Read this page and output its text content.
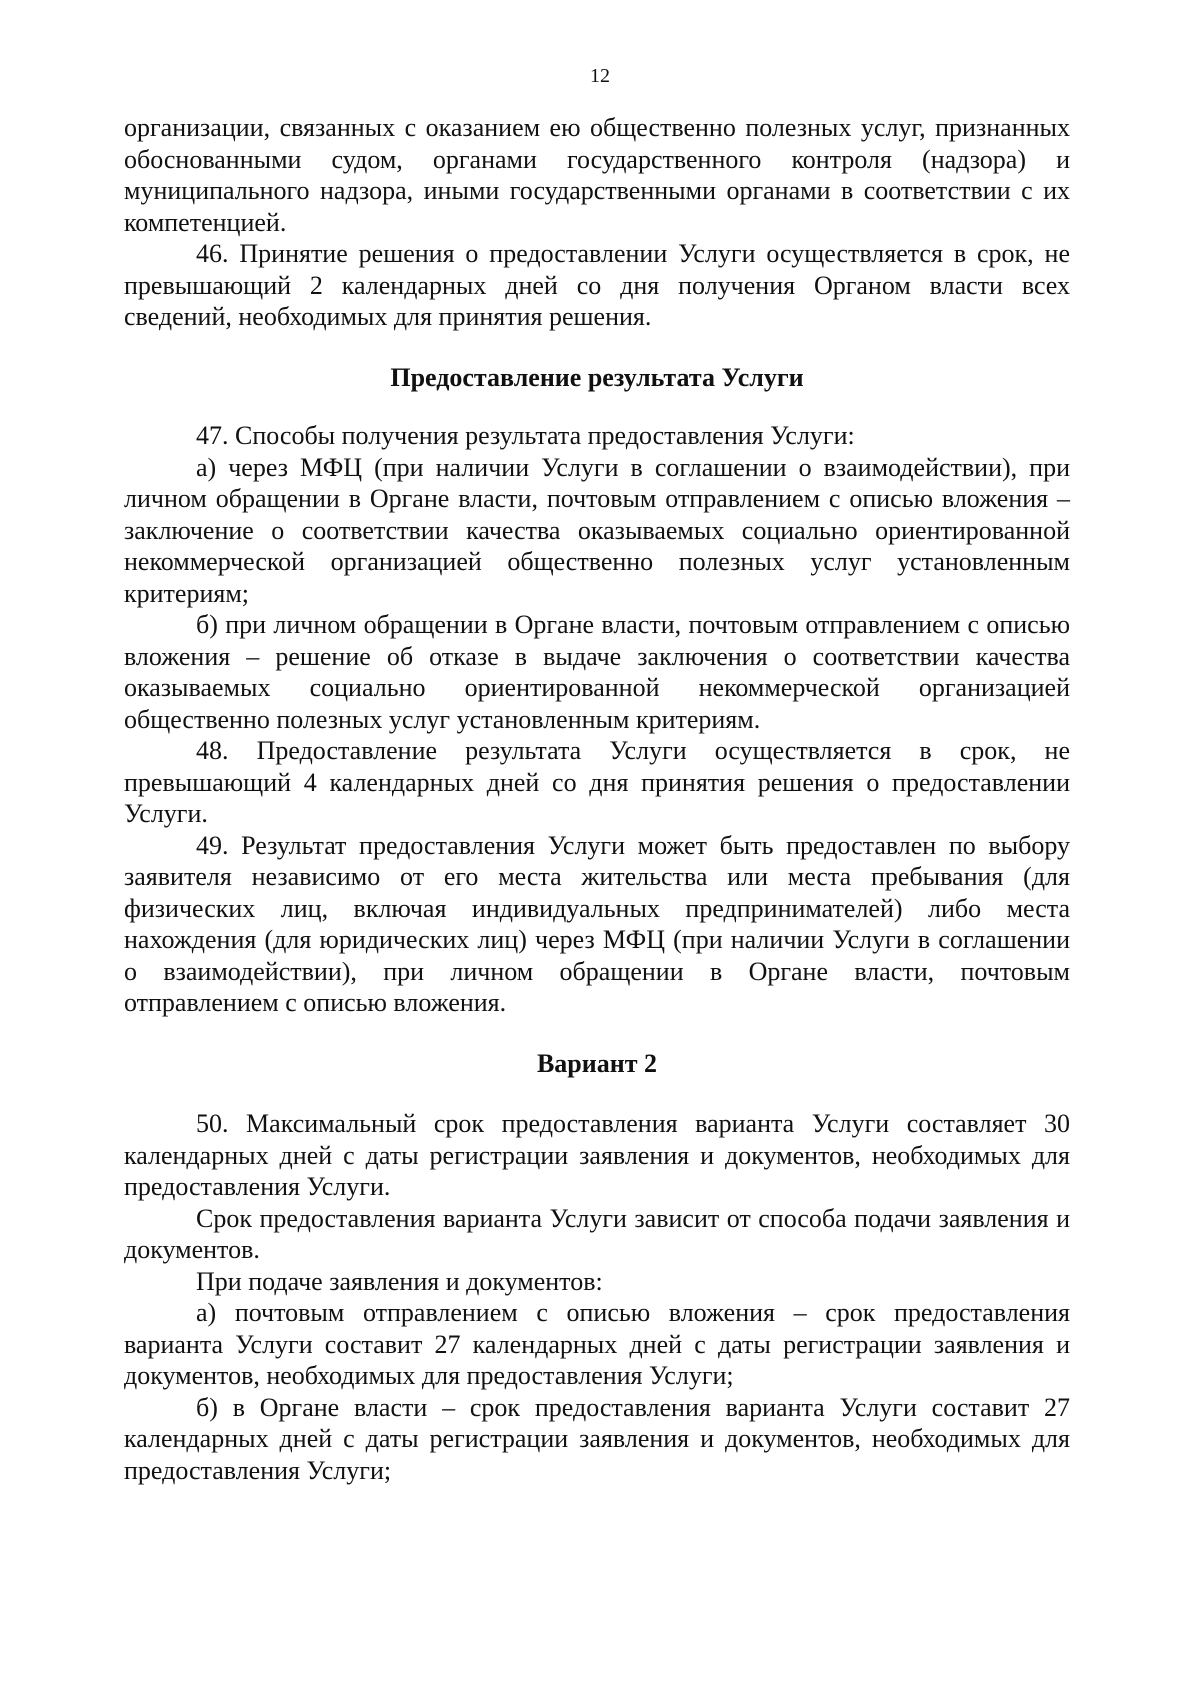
12

организации, связанных с оказанием ею общественно полезных услуг, признанных обоснованными судом, органами государственного контроля (надзора) и муниципального надзора, иными государственными органами в соответствии с их компетенцией.

46. Принятие решения о предоставлении Услуги осуществляется в срок, не превышающий 2 календарных дней со дня получения Органом власти всех сведений, необходимых для принятия решения.

Предоставление результата Услуги

47. Способы получения результата предоставления Услуги:

а) через МФЦ (при наличии Услуги в соглашении о взаимодействии), при личном обращении в Органе власти, почтовым отправлением с описью вложения – заключение о соответствии качества оказываемых социально ориентированной некоммерческой организацией общественно полезных услуг установленным критериям;

б) при личном обращении в Органе власти, почтовым отправлением с описью вложения – решение об отказе в выдаче заключения о соответствии качества оказываемых социально ориентированной некоммерческой организацией общественно полезных услуг установленным критериям.

48. Предоставление результата Услуги осуществляется в срок, не превышающий 4 календарных дней со дня принятия решения о предоставлении Услуги.

49. Результат предоставления Услуги может быть предоставлен по выбору заявителя независимо от его места жительства или места пребывания (для физических лиц, включая индивидуальных предпринимателей) либо места нахождения (для юридических лиц) через МФЦ (при наличии Услуги в соглашении о взаимодействии), при личном обращении в Органе власти, почтовым отправлением с описью вложения.

Вариант 2

50. Максимальный срок предоставления варианта Услуги составляет 30 календарных дней с даты регистрации заявления и документов, необходимых для предоставления Услуги.

Срок предоставления варианта Услуги зависит от способа подачи заявления и документов.

При подаче заявления и документов:

а) почтовым отправлением с описью вложения – срок предоставления варианта Услуги составит 27 календарных дней с даты регистрации заявления и документов, необходимых для предоставления Услуги;

б) в Органе власти – срок предоставления варианта Услуги составит 27 календарных дней с даты регистрации заявления и документов, необходимых для предоставления Услуги;
